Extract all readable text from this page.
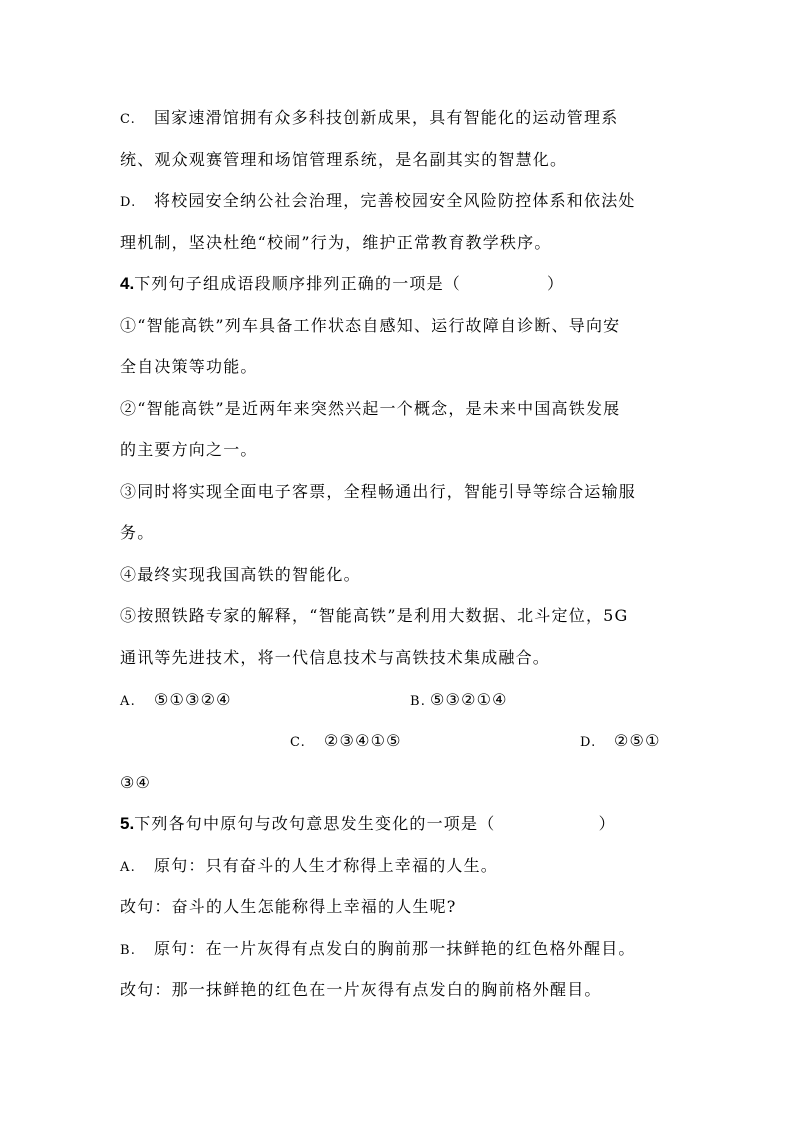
C. 国家速滑馆拥有众多科技创新成果，具有智能化的运动管理系
统、观众观赛管理和场馆管理系统，是名副其实的智慧化。
D. 将校园安全纳公社会治理，完善校园安全风险防控体系和依法处
理机制，坚决杜绝“校闹”行为，维护正常教育教学秩序。
4.下列句子组成语段顺序排列正确的一项是（　　　　　）
①“智能高铁”列车具备工作状态自感知、运行故障自诊断、导向安
全自决策等功能。
②“智能高铁”是近两年来突然兴起一个概念，是未来中国高铁发展
的主要方向之一。
③同时将实现全面电子客票，全程畅通出行，智能引导等综合运输服
务。
④最终实现我国高铁的智能化。
⑤按照铁路专家的解释，“智能高铁”是利用大数据、北斗定位，5G
通讯等先进技术，将一代信息技术与高铁技术集成融合。
A. ⑤①③②④	B. ⑤③②①④
C. ②③④①⑤	D. ②⑤①
③④
5.下列各句中原句与改句意思发生变化的一项是（　　　　　　）
A. 原句：只有奋斗的人生才称得上幸福的人生。
改句：奋斗的人生怎能称得上幸福的人生呢?
B. 原句：在一片灰得有点发白的胸前那一抹鲜艳的红色格外醒目。
改句：那一抹鲜艳的红色在一片灰得有点发白的胸前格外醒目。
